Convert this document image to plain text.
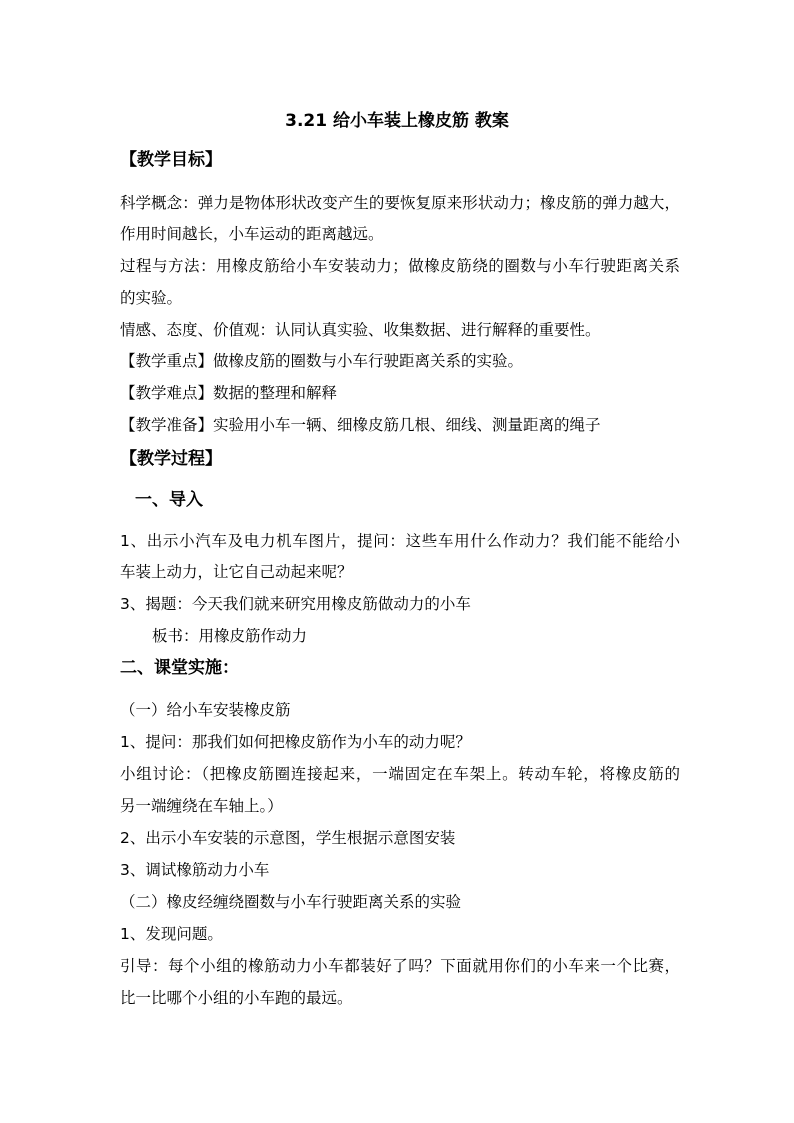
3.21 给小车装上橡皮筋 教案
【教学目标】
科学概念：弹力是物体形状改变产生的要恢复原来形状动力；橡皮筋的弹力越大，
作用时间越长，小车运动的距离越远。
过程与方法：用橡皮筋给小车安装动力；做橡皮筋绕的圈数与小车行驶距离关系
的实验。
情感、态度、价值观：认同认真实验、收集数据、进行解释的重要性。
【教学重点】做橡皮筋的圈数与小车行驶距离关系的实验。
【教学难点】数据的整理和解释
【教学准备】实验用小车一辆、细橡皮筋几根、细线、测量距离的绳子
【教学过程】
一、导入
1、出示小汽车及电力机车图片，提问：这些车用什么作动力？我们能不能给小
车装上动力，让它自己动起来呢？
3、揭题：今天我们就来研究用橡皮筋做动力的小车
板书：用橡皮筋作动力
二、课堂实施：
（一）给小车安装橡皮筋
1、提问：那我们如何把橡皮筋作为小车的动力呢？
小组讨论：（把橡皮筋圈连接起来，一端固定在车架上。转动车轮，将橡皮筋的
另一端缠绕在车轴上。）
2、出示小车安装的示意图，学生根据示意图安装
3、调试橡筋动力小车
（二）橡皮经缠绕圈数与小车行驶距离关系的实验
1、发现问题。
引导：每个小组的橡筋动力小车都装好了吗？下面就用你们的小车来一个比赛，
比一比哪个小组的小车跑的最远。
